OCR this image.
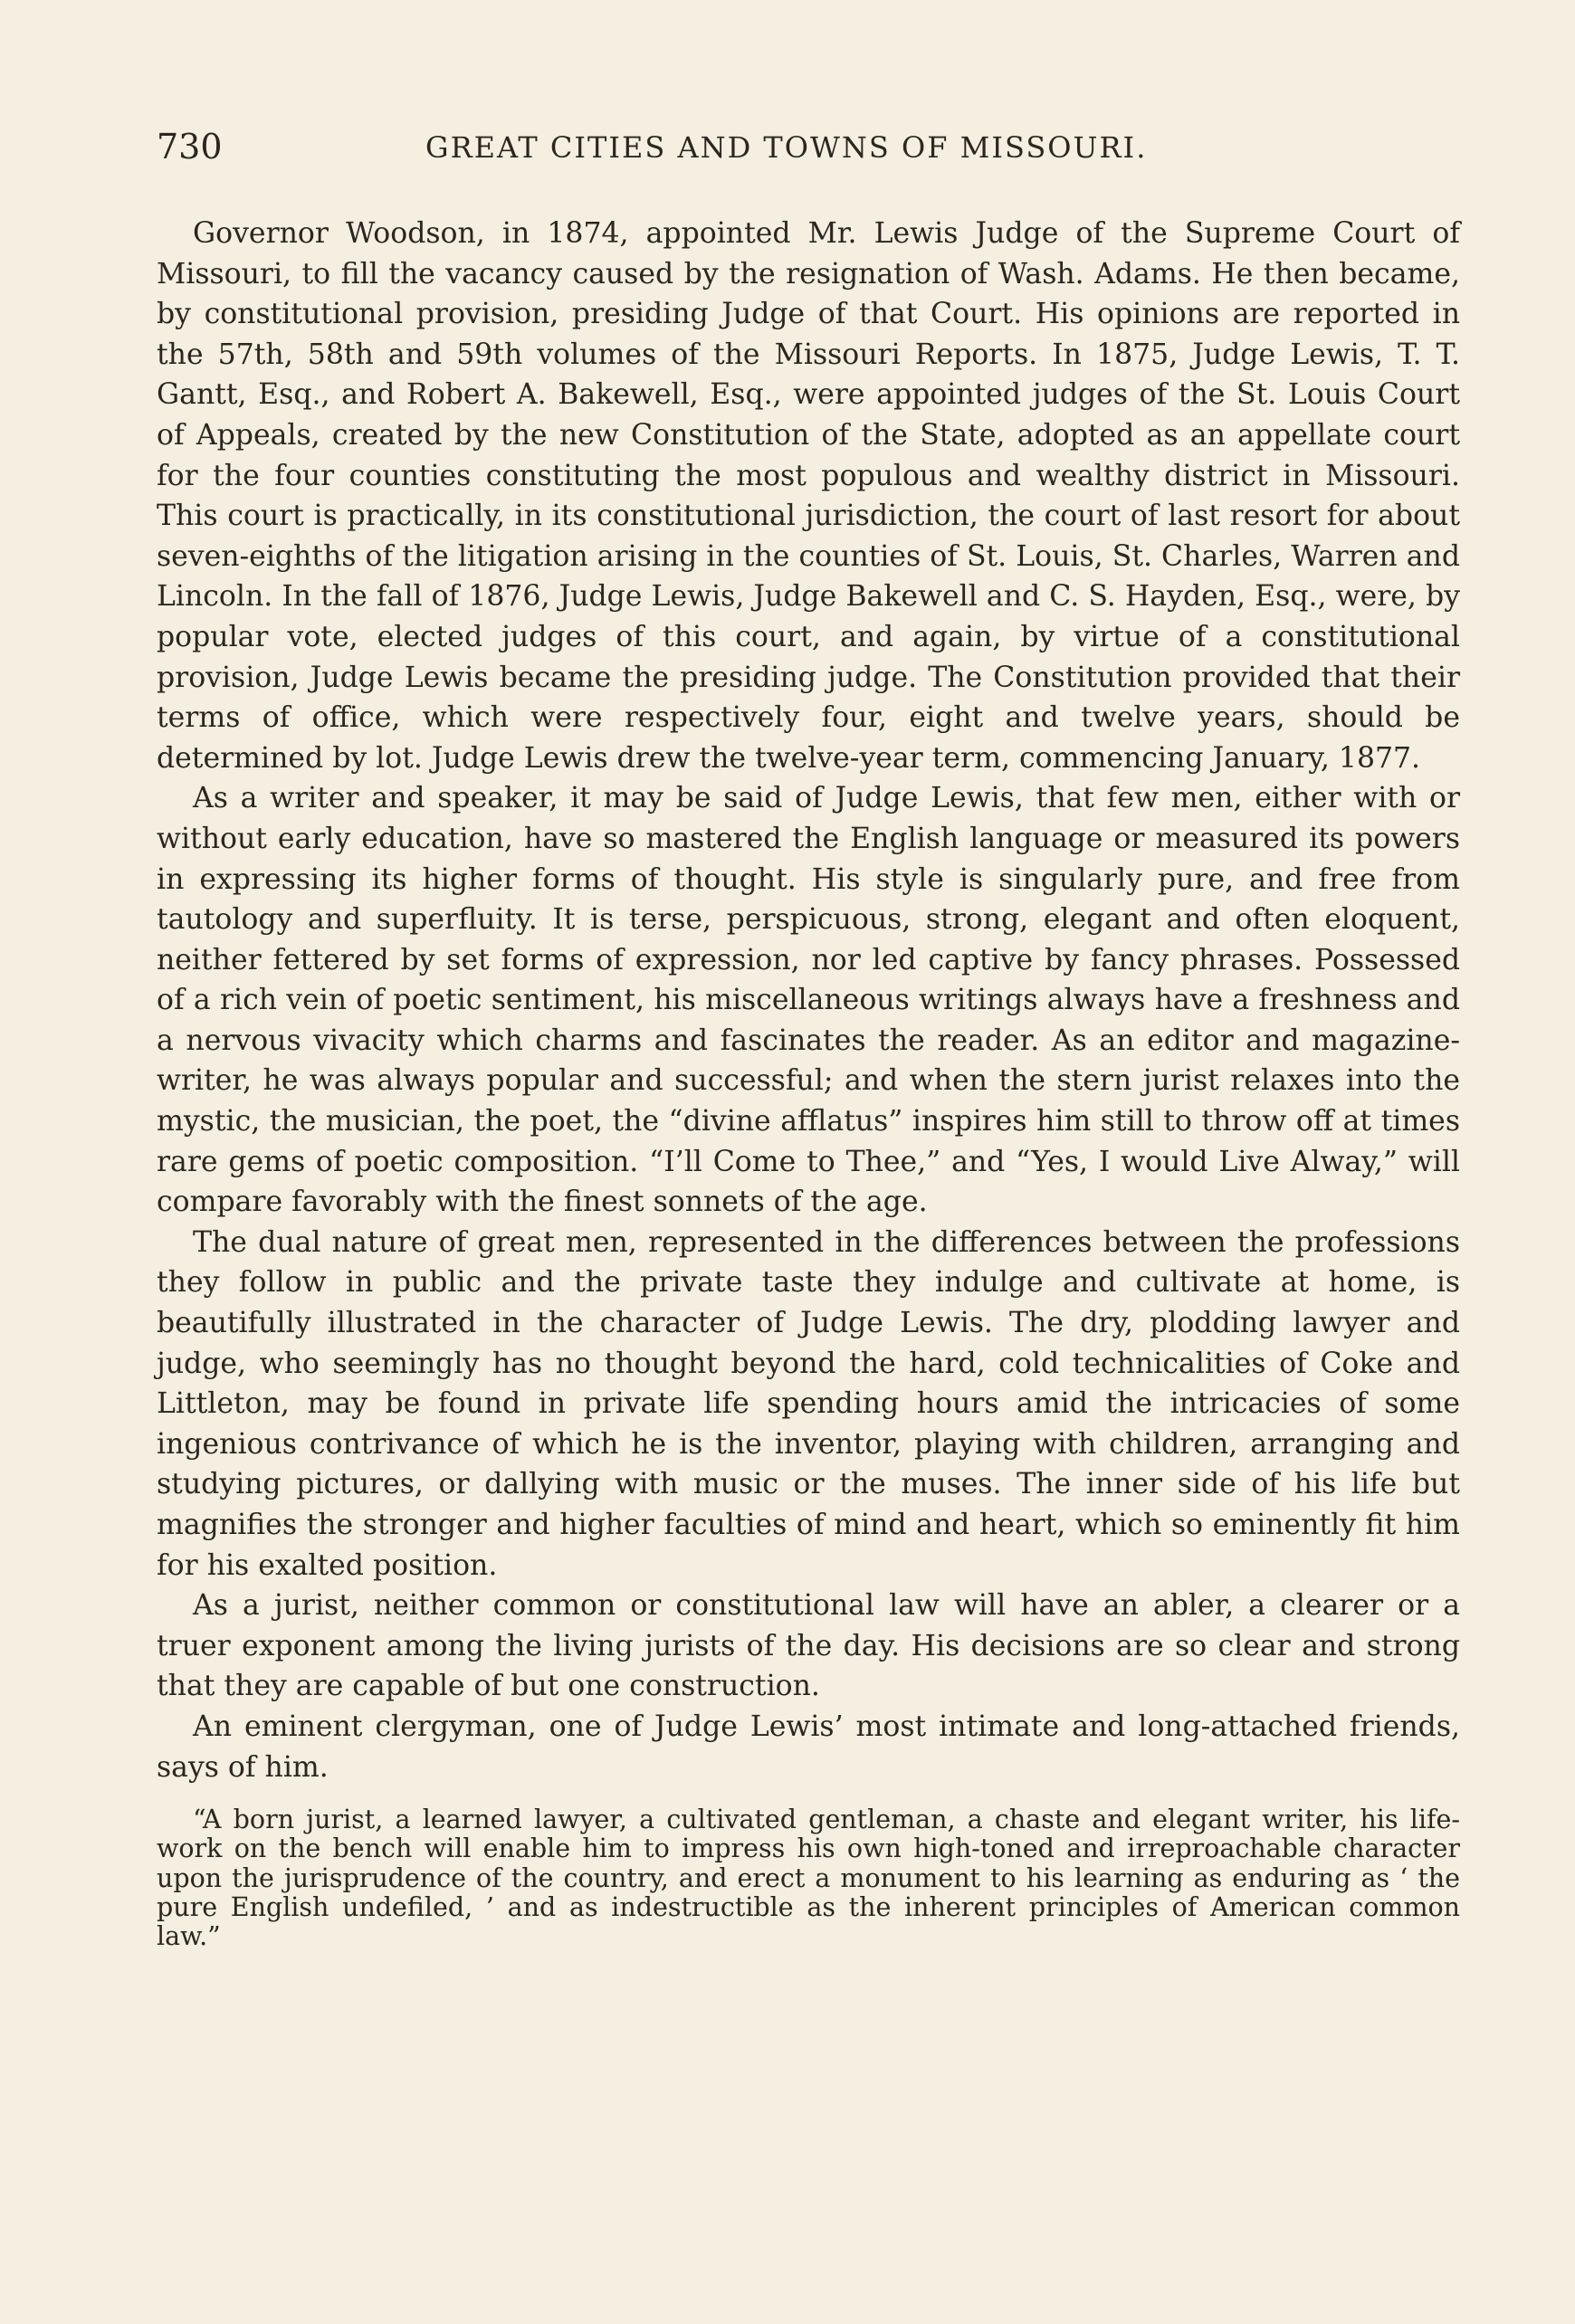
730	GREAT CITIES AND TOWNS OF MISSOURI.

Governor Woodson, in 1874, appointed Mr. Lewis Judge of the Supreme Court of Missouri, to fill the vacancy caused by the resignation of Wash. Adams. He then became, by constitutional provision, presiding Judge of that Court. His opinions are reported in the 57th, 58th and 59th volumes of the Missouri Reports. In 1875, Judge Lewis, T. T. Gantt, Esq., and Robert A. Bakewell, Esq., were appointed judges of the St. Louis Court of Appeals, created by the new Constitution of the State, adopted as an appellate court for the four counties constituting the most populous and wealthy district in Missouri. This court is practically, in its constitutional jurisdiction, the court of last resort for about seven-eighths of the litigation arising in the counties of St. Louis, St. Charles, Warren and Lincoln. In the fall of 1876, Judge Lewis, Judge Bakewell and C. S. Hayden, Esq., were, by popular vote, elected judges of this court, and again, by virtue of a constitutional provision, Judge Lewis became the presiding judge. The Constitution provided that their terms of office, which were respectively four, eight and twelve years, should be determined by lot. Judge Lewis drew the twelve-year term, commencing January, 1877.

As a writer and speaker, it may be said of Judge Lewis, that few men, either with or without early education, have so mastered the English language or measured its powers in expressing its higher forms of thought. His style is singularly pure, and free from tautology and superfluity. It is terse, perspicuous, strong, elegant and often eloquent, neither fettered by set forms of expression, nor led captive by fancy phrases. Possessed of a rich vein of poetic sentiment, his miscellaneous writings always have a freshness and a nervous vivacity which charms and fascinates the reader. As an editor and magazine-writer, he was always popular and successful; and when the stern jurist relaxes into the mystic, the musician, the poet, the “divine afflatus” inspires him still to throw off at times rare gems of poetic composition. “I’ll Come to Thee,” and “Yes, I would Live Alway,” will compare favorably with the finest sonnets of the age.

The dual nature of great men, represented in the differences between the professions they follow in public and the private taste they indulge and cultivate at home, is beautifully illustrated in the character of Judge Lewis. The dry, plodding lawyer and judge, who seemingly has no thought beyond the hard, cold technicalities of Coke and Littleton, may be found in private life spending hours amid the intricacies of some ingenious contrivance of which he is the inventor, playing with children, arranging and studying pictures, or dallying with music or the muses. The inner side of his life but magnifies the stronger and higher faculties of mind and heart, which so eminently fit him for his exalted position.

As a jurist, neither common or constitutional law will have an abler, a clearer or a truer exponent among the living jurists of the day. His decisions are so clear and strong that they are capable of but one construction.

An eminent clergyman, one of Judge Lewis’ most intimate and long-attached friends, says of him.

“A born jurist, a learned lawyer, a cultivated gentleman, a chaste and elegant writer, his life-work on the bench will enable him to impress his own high-toned and irreproachable character upon the jurisprudence of the country, and erect a monument to his learning as enduring as ‘ the pure English undefiled, ’ and as indestructible as the inherent principles of American common law.”
